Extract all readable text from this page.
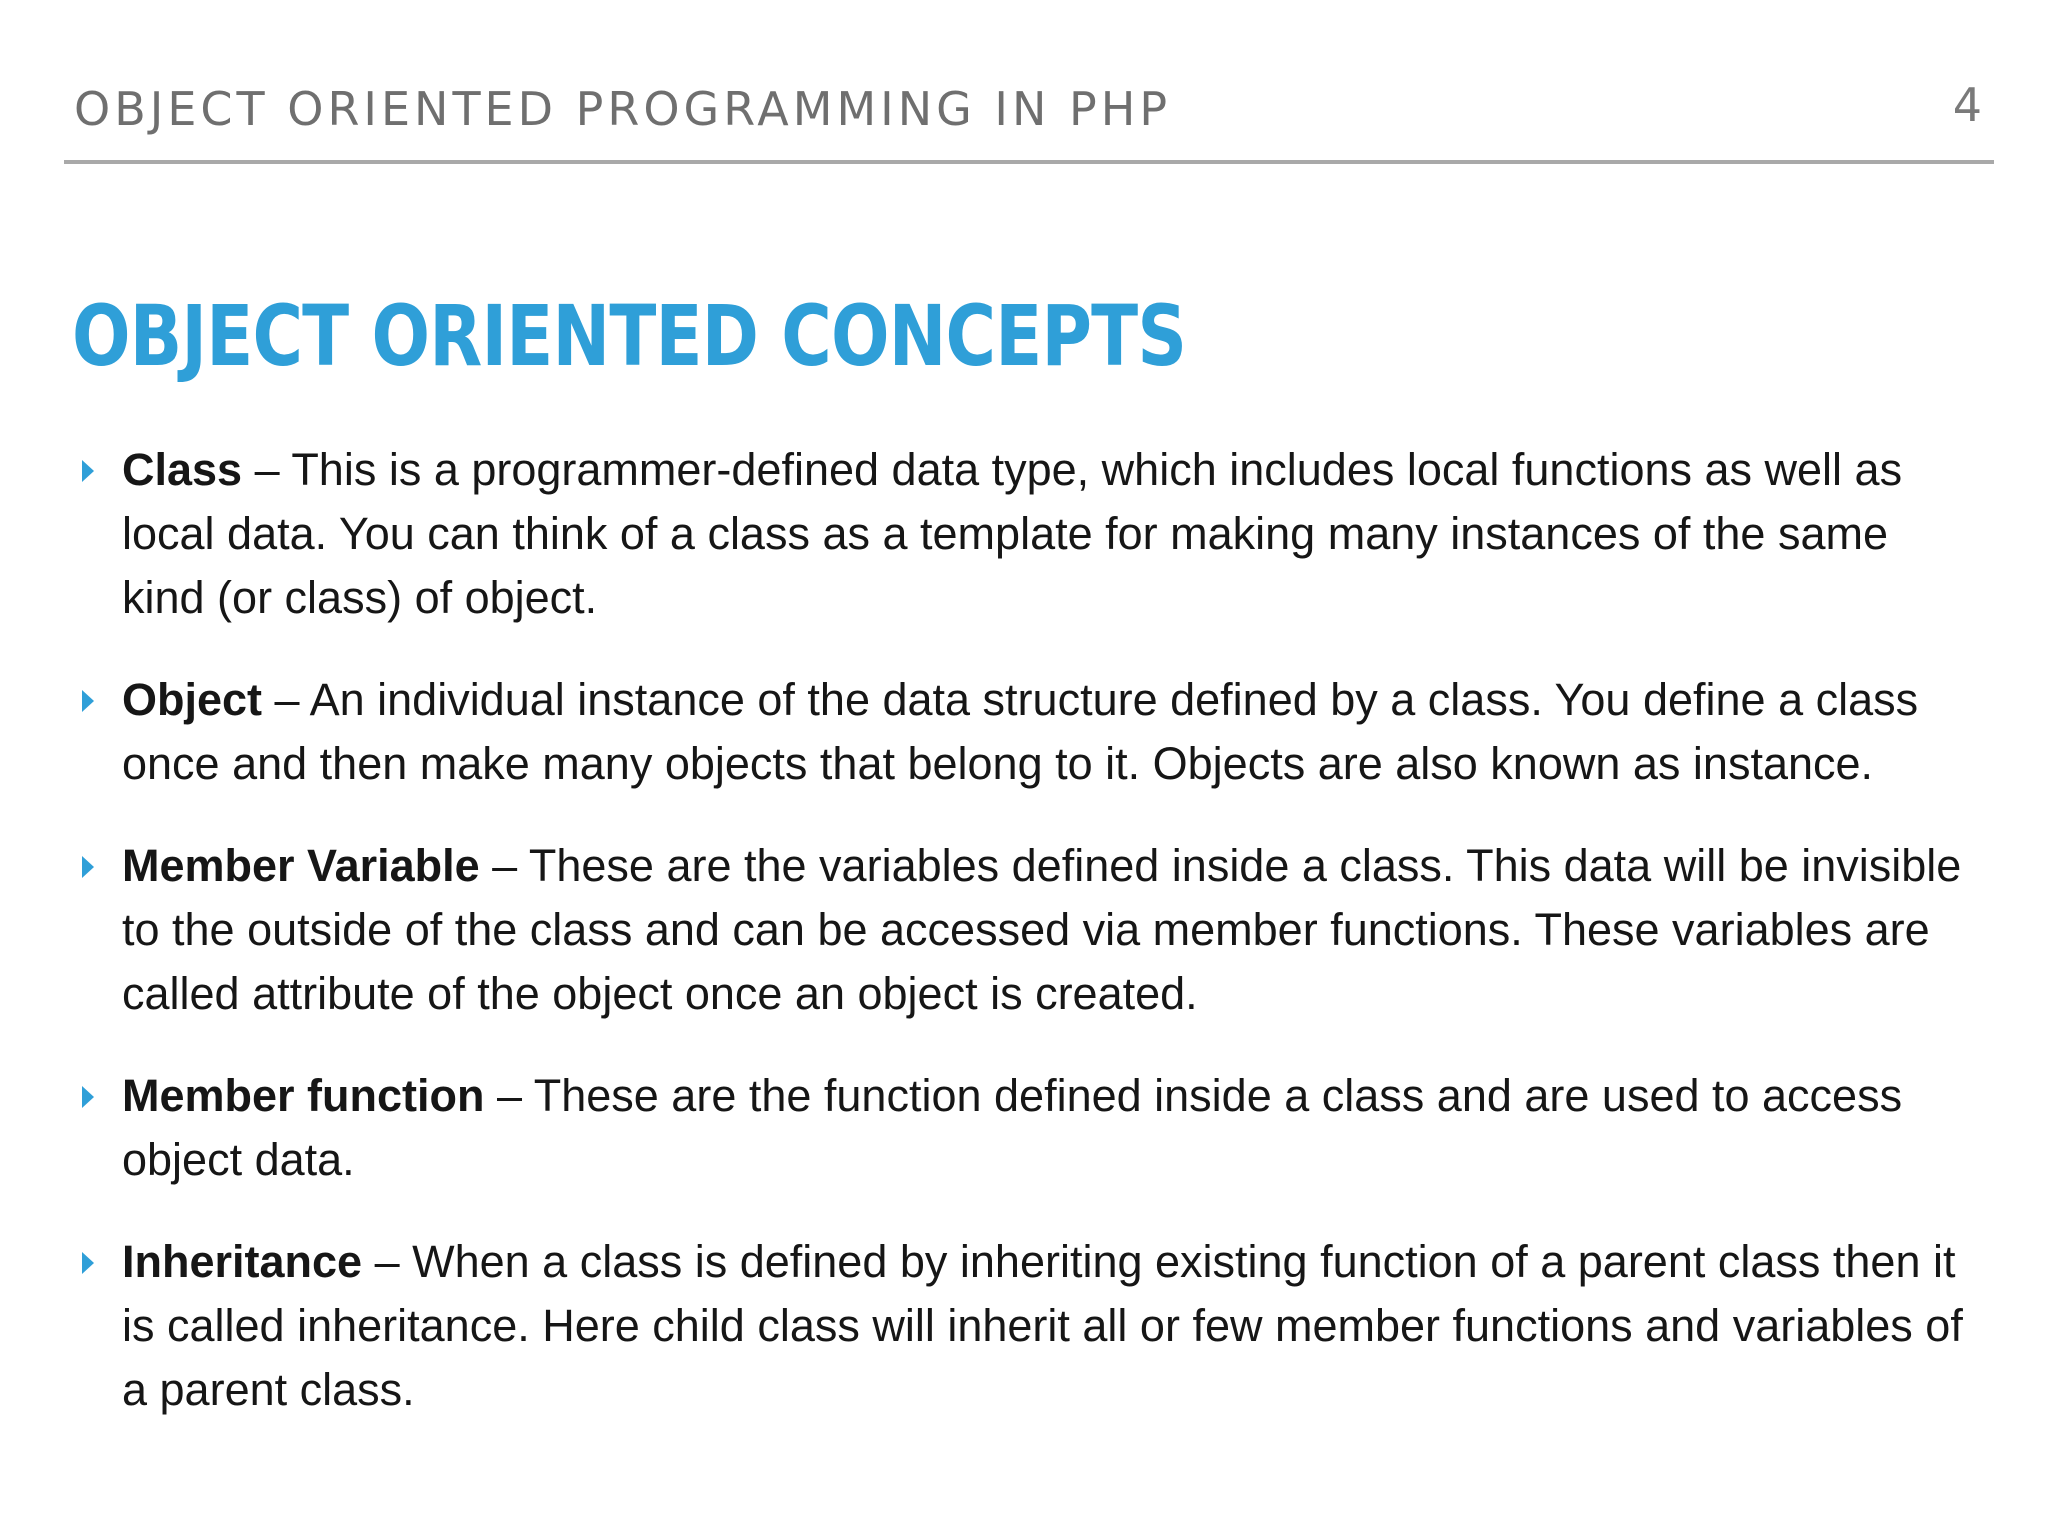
OBJECT ORIENTED PROGRAMMING IN PHP	4
OBJECT ORIENTED CONCEPTS
Class – This is a programmer-defined data type, which includes local functions as well as local data. You can think of a class as a template for making many instances of the same kind (or class) of object.
Object – An individual instance of the data structure defined by a class. You define a class once and then make many objects that belong to it. Objects are also known as instance.
Member Variable – These are the variables defined inside a class. This data will be invisible to the outside of the class and can be accessed via member functions. These variables are called attribute of the object once an object is created.
Member function – These are the function defined inside a class and are used to access object data.
Inheritance – When a class is defined by inheriting existing function of a parent class then it is called inheritance. Here child class will inherit all or few member functions and variables of a parent class.
